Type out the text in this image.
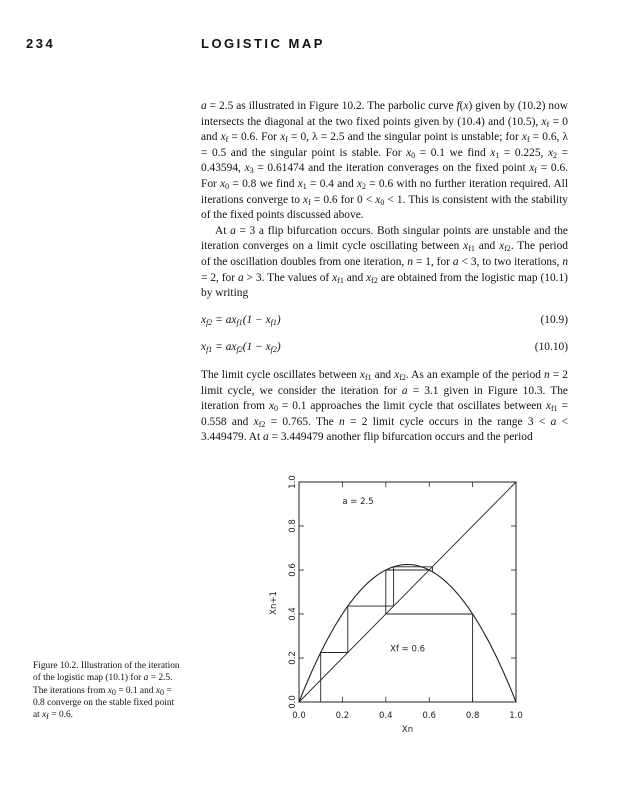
234	LOGISTIC MAP

a = 2.5 as illustrated in Figure 10.2. The parbolic curve f(x) given by (10.2) now intersects the diagonal at the two fixed points given by (10.4) and (10.5), $x_f = 0$ and $x_f = 0.6$. For $x_f = 0$, λ = 2.5 and the singular point is unstable; for $x_f = 0.6$, λ = 0.5 and the singular point is stable. For $x_0 = 0.1$ we find $x_1 = 0.225$, $x_2 = 0.43594$, $x_3 = 0.61474$ and the iteration converages on the fixed point $x_f = 0.6$. For $x_0 = 0.8$ we find $x_1 = 0.4$ and $x_2 = 0.6$ with no further iteration required. All iterations converge to $x_f = 0.6$ for $0 < x_0 < 1$. This is consistent with the stability of the fixed points discussed above.

At a = 3 a flip bifurcation occurs. Both singular points are unstable and the iteration converges on a limit cycle oscillating between $x_{f1}$ and $x_{f2}$. The period of the oscillation doubles from one iteration, n = 1, for a < 3, to two iterations, n = 2, for a > 3. The values of $x_{f1}$ and $x_{f2}$ are obtained from the logistic map (10.1) by writing

$x_{f2} = ax_{f1}(1 - x_{f1})$	(10.9)
$x_{f1} = ax_{f2}(1 - x_{f2})$	(10.10)

The limit cycle oscillates between $x_{f1}$ and $x_{f2}$. As an example of the period n = 2 limit cycle, we consider the iteration for a = 3.1 given in Figure 10.3. The iteration from $x_0 = 0.1$ approaches the limit cycle that oscillates between $x_{f1} = 0.558$ and $x_{f2} = 0.765$. The n = 2 limit cycle occurs in the range 3 < a < 3.449479. At a = 3.449479 another flip bifurcation occurs and the period

Figure 10.2. Illustration of the iteration of the logistic map (10.1) for a = 2.5. The iterations from $x_0 = 0.1$ and $x_0 = 0.8$ converge on the stable fixed point at $x_f = 0.6$.	0.0	0.2	0.4	0.6	0.8	1.0
0.0
0.2
0.4
0.6
0.8
1.0
a = 2.5
Xf = 0.6
Xn
Xn+1
